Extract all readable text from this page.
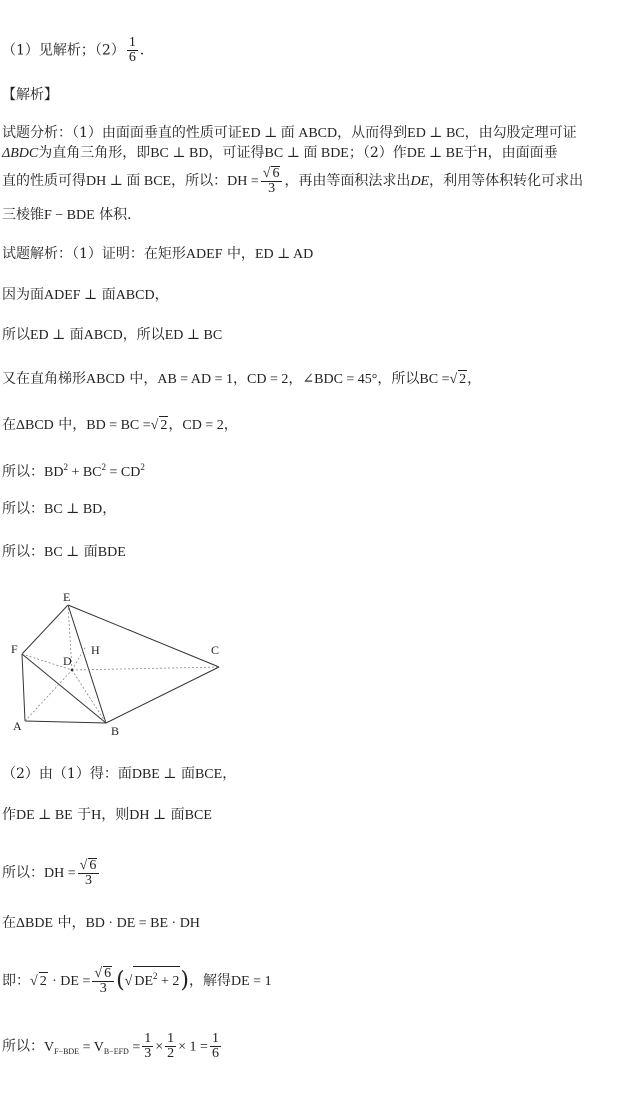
（1）见解析；$(2) \frac{1}{6}$ ．
【解析】
试题分析：（1）由面面垂直的性质可证ED ⊥ 面 ABCD，从而得到ED ⊥ BC，由勾股定理可证
ΔBDC为直角三角形，即BC ⊥ BD，可证得BC ⊥ 面 BDE；（2）作DE ⊥ BE于H，由面面垂
直的性质可得DH ⊥ 面 BCE，所以：DH = $\frac{√ 6}{3}$ ，再由等面积法求出DE，利用等体积转化可求出
三棱锥F − BDE 体积．
试题解析：（1）证明：在矩形ADEF 中，ED ⊥ AD
因为面ADEF ⊥ 面ABCD，
所以ED ⊥ 面ABCD，所以ED ⊥ BC
又在直角梯形ABCD 中，AB = AD = 1，CD = 2，∠BDC = 45°，所以BC =√ 2，
在ΔBCD 中，BD = BC =√ 2，CD = 2，
所以：$BD^2 + BC^2 = CD^2$
所以：BC ⊥ BD，
所以：BC ⊥ 面BDE
E
F
D
H	C
A	B
（2）由（1）得：面DBE ⊥ 面BCE，
作DE ⊥ BE 于H，则DH ⊥ 面BCE
所以：DH = $\frac{√ 6}{3}$
在ΔBDE 中，BD · DE = BE · DH
即：√ 2 · DE = $\frac{√ 6}{3}$ (√ $DE^2 + 2$)，解得DE = 1
所以：$V_{F-BDE} = V_{B-EFD} = \frac{1}{3} \times \frac{1}{2} \times 1 = \frac{1}{6}$
